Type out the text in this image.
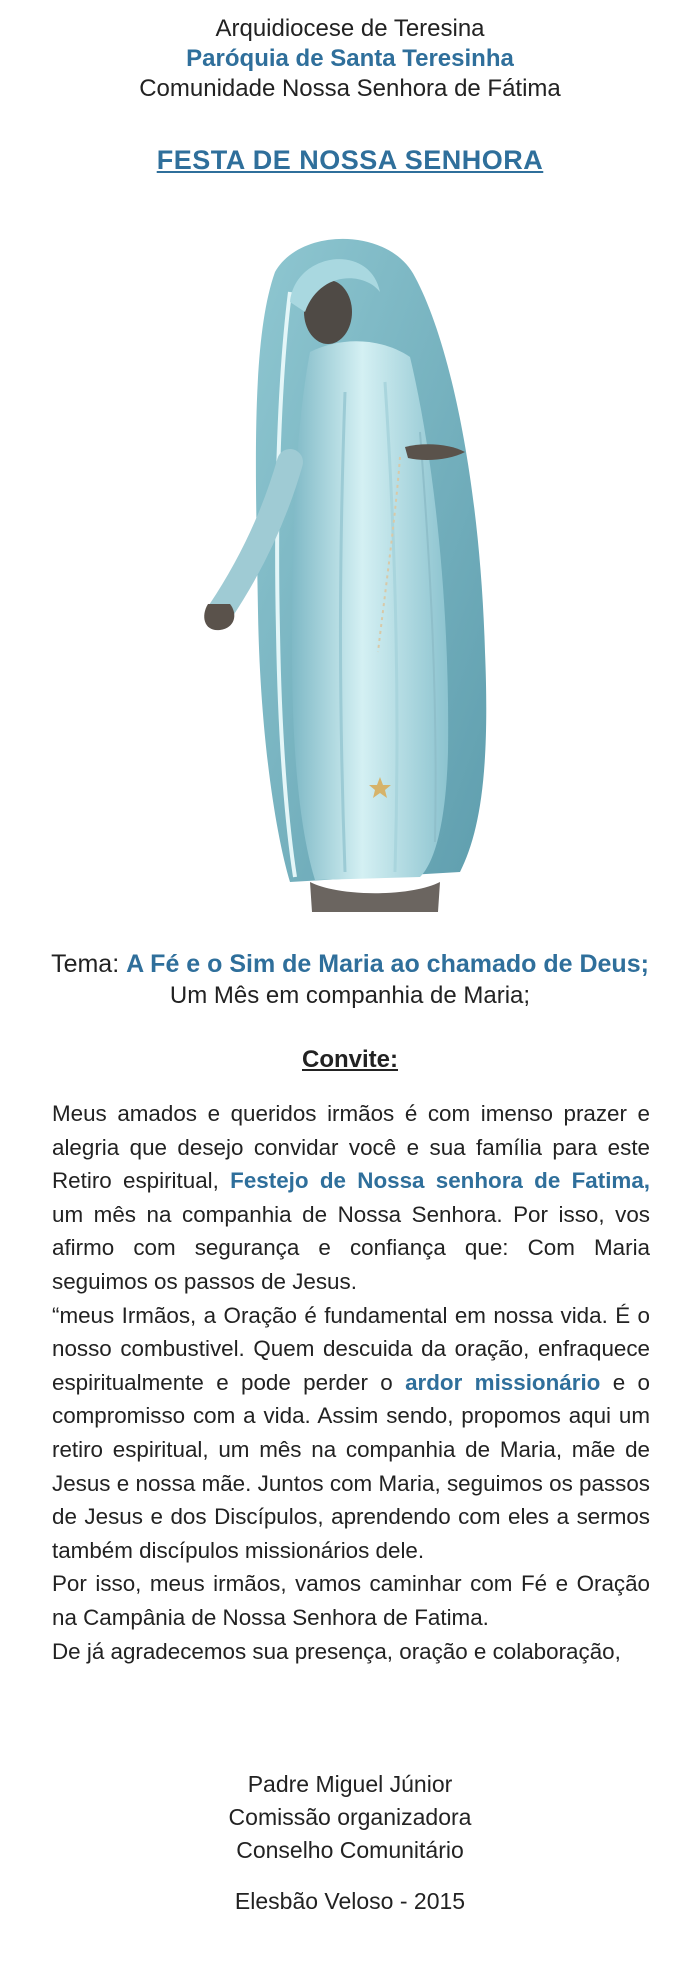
Arquidiocese de Teresina
Paróquia de Santa Teresinha
Comunidade Nossa Senhora de Fátima
FESTA DE NOSSA SENHORA
Tema: A Fé e o Sim de Maria ao chamado de Deus;
Um Mês em companhia de Maria;
Convite:

Meus amados e queridos irmãos é com imenso prazer e alegria que desejo convidar você e sua família para este Retiro espiritual, Festejo de Nossa senhora de Fatima, um mês na companhia de Nossa Senhora. Por isso, vos afirmo com segurança e confiança que: Com Maria seguimos os passos de Jesus.

“meus Irmãos, a Oração é fundamental em nossa vida. É o nosso combustivel. Quem descuida da oração, enfraquece espiritualmente e pode perder o ardor missionário e o compromisso com a vida. Assim sendo, propomos aqui um retiro espiritual, um mês na companhia de Maria, mãe de Jesus e nossa mãe. Juntos com Maria, seguimos os passos de Jesus e dos Discípulos, aprendendo com eles a sermos também discípulos missionários dele.

Por isso, meus irmãos, vamos caminhar com Fé e Oração na Campânia de Nossa Senhora de Fatima.

De já agradecemos sua presença, oração e colaboração,

Padre Miguel Júnior
Comissão organizadora
Conselho Comunitário
Elesbão Veloso - 2015
